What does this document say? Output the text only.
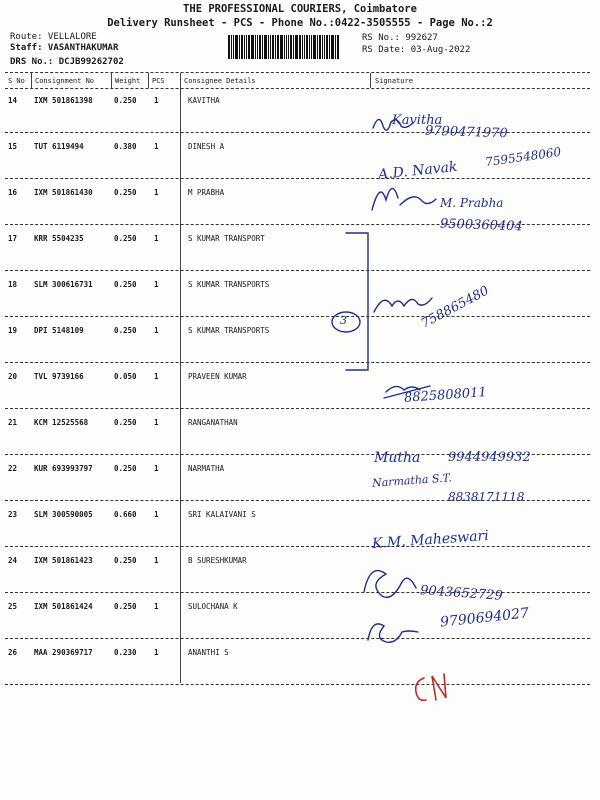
THE PROFESSIONAL COURIERS, Coimbatore
Delivery Runsheet - PCS - Phone No.:0422-3505555 - Page No.:2
Route: VELLALORE
Staff: VASANTHAKUMAR
DRS No.: DCJB99262702
RS No.: 992627
RS Date: 03-Aug-2022
S No Consignment No	Weight PCS	Consignee Details	Signature
14 IXM 501861398	0.250 1	KAVITHA
15 TUT 6119494	0.380 1	DINESH A
16 IXM 501861430	0.250 1	M PRABHA
17 KRR 5504235	0.250 1	S KUMAR TRANSPORT
18 SLM 300616731	0.250 1	S KUMAR TRANSPORTS
19 DPI 5148109	0.250 1	S KUMAR TRANSPORTS
20 TVL 9739166	0.050 1	PRAVEEN KUMAR
21 KCM 12525568	0.250 1	RANGANATHAN
22 KUR 693993797	0.250 1	NARMATHA
23 SLM 300590005	0.660 1	SRI KALAIVANI S
24 IXM 501861423	0.250 1	B SURESHKUMAR
25 IXM 501861424	0.250 1	SULOCHANA K
26 MAA 290369717	0.230 1	ANANTHI S
Kavitha
9790471970
A.D. Navak
7595548060
M. Prabha
9500360404
3	758865480
8825808011
Mutha 9944949932
Narmatha S.T.
8838171118
K.M. Maheswari
9043652729
9790694027
